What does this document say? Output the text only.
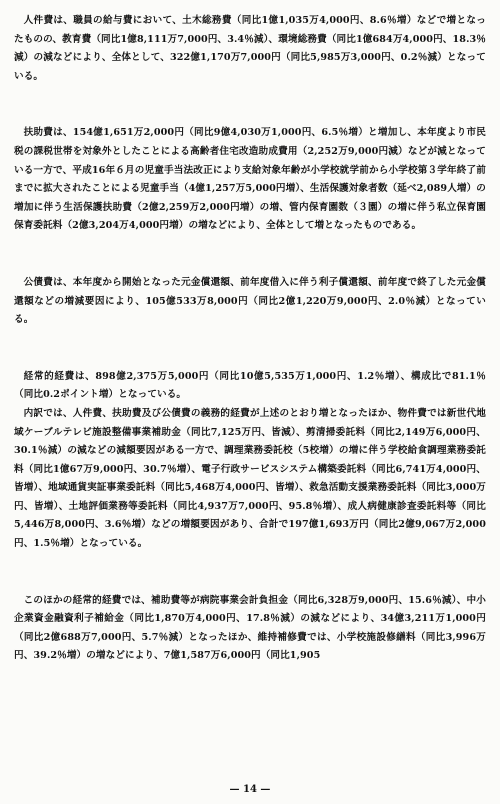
人件費は、職員の給与費において、土木総務費（同比1億1,035万4,000円、8.6％増）などで増となったものの、教育費（同比1億8,111万7,000円、3.4％減）、環境総務費（同比1億684万4,000円、18.3％減）の減などにより、全体として、322億1,170万7,000円（同比5,985万3,000円、0.2％減）となっている。

扶助費は、154億1,651万2,000円（同比9億4,030万1,000円、6.5％増）と増加し、本年度より市民税の課税世帯を対象外としたことによる高齢者住宅改造助成費用（2,252万9,000円減）などが減となっている一方で、平成16年６月の児童手当法改正により支給対象年齢が小学校就学前から小学校第３学年終了前までに拡大されたことによる児童手当（4億1,257万5,000円増）、生活保護対象者数（延べ2,089人増）の増加に伴う生活保護扶助費（2億2,259万2,000円増）の増、管内保育園数（３園）の増に伴う私立保育園保育委託料（2億3,204万4,000円増）の増などにより、全体として増となったものである。

公債費は、本年度から開始となった元金償還額、前年度借入に伴う利子償還額、前年度で終了した元金償還額などの増減要因により、105億533万8,000円（同比2億1,220万9,000円、2.0％減）となっている。

経常的経費は、898億2,375万5,000円（同比10億5,535万1,000円、1.2％増）、構成比で81.1％（同比0.2ポイント増）となっている。

内訳では、人件費、扶助費及び公債費の義務的経費が上述のとおり増となったほか、物件費では新世代地域ケーブルテレビ施設整備事業補助金（同比7,125万円、皆減）、剪清掃委託料（同比2,149万6,000円、30.1％減）の減などの減額要因がある一方で、調理業務委託校（5校増）の増に伴う学校給食調理業務委託料（同比1億67万9,000円、30.7％増）、電子行政サービスシステム構築委託料（同比6,741万4,000円、皆増）、地域通貨実証事業委託料（同比5,468万4,000円、皆増）、救急活動支援業務委託料（同比3,000万円、皆増）、土地評価業務等委託料（同比4,937万7,000円、95.8％増）、成人病健康診査委託料等（同比5,446万8,000円、3.6％増）などの増額要因があり、合計で197億1,693万円（同比2億9,067万2,000円、1.5％増）となっている。

このほかの経常的経費では、補助費等が病院事業会計負担金（同比6,328万9,000円、15.6％減）、中小企業資金融資利子補給金（同比1,870万4,000円、17.8％減）の減などにより、34億3,211万1,000円（同比2億688万7,000円、5.7％減）となったほか、維持補修費では、小学校施設修繕料（同比3,996万円、39.2％増）の増などにより、7億1,587万6,000円（同比1,905

— 14 —
